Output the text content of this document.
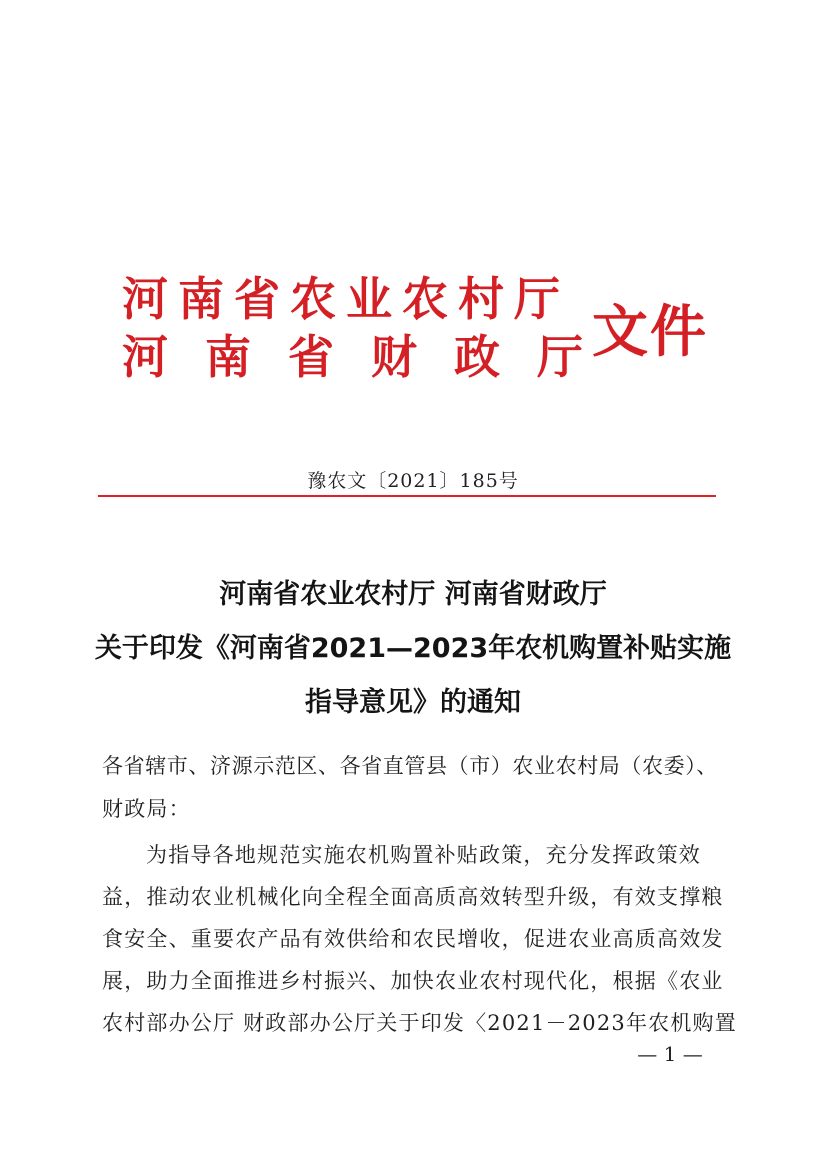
河南省农业农村厅
河南省财政厅
文件
豫农文〔2021〕185号
河南省农业农村厅 河南省财政厅
关于印发《河南省2021—2023年农机购置补贴实施
指导意见》的通知
各省辖市、济源示范区、各省直管县（市）农业农村局（农委）、
财政局：
为指导各地规范实施农机购置补贴政策，充分发挥政策效
益，推动农业机械化向全程全面高质高效转型升级，有效支撑粮
食安全、重要农产品有效供给和农民增收，促进农业高质高效发
展，助力全面推进乡村振兴、加快农业农村现代化，根据《农业
农村部办公厅 财政部办公厅关于印发〈2021－2023年农机购置
— 1 —
